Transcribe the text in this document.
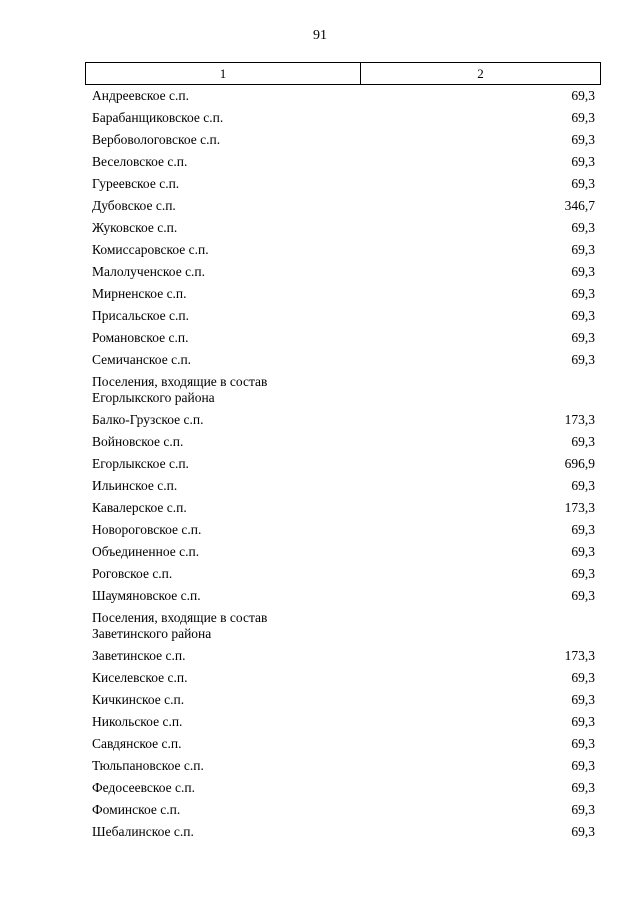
91
1	2
Андреевское с.п.	69,3
Барабанщиковское с.п.	69,3
Вербовологовское с.п.	69,3
Веселовское с.п.	69,3
Гуреевское с.п.	69,3
Дубовское с.п.	346,7
Жуковское с.п.	69,3
Комиссаровское с.п.	69,3
Малолученское с.п.	69,3
Мирненское с.п.	69,3
Присальское с.п.	69,3
Романовское с.п.	69,3
Семичанское с.п.	69,3
Поселения, входящие в состав
Егорлыкского района
Балко-Грузское с.п.	173,3
Войновское с.п.	69,3
Егорлыкское с.п.	696,9
Ильинское с.п.	69,3
Кавалерское с.п.	173,3
Новороговское с.п.	69,3
Объединенное с.п.	69,3
Роговское с.п.	69,3
Шаумяновское с.п.	69,3
Поселения, входящие в состав
Заветинского района
Заветинское с.п.	173,3
Киселевское с.п.	69,3
Кичкинское с.п.	69,3
Никольское с.п.	69,3
Савдянское с.п.	69,3
Тюльпановское с.п.	69,3
Федосеевское с.п.	69,3
Фоминское с.п.	69,3
Шебалинское с.п.	69,3
